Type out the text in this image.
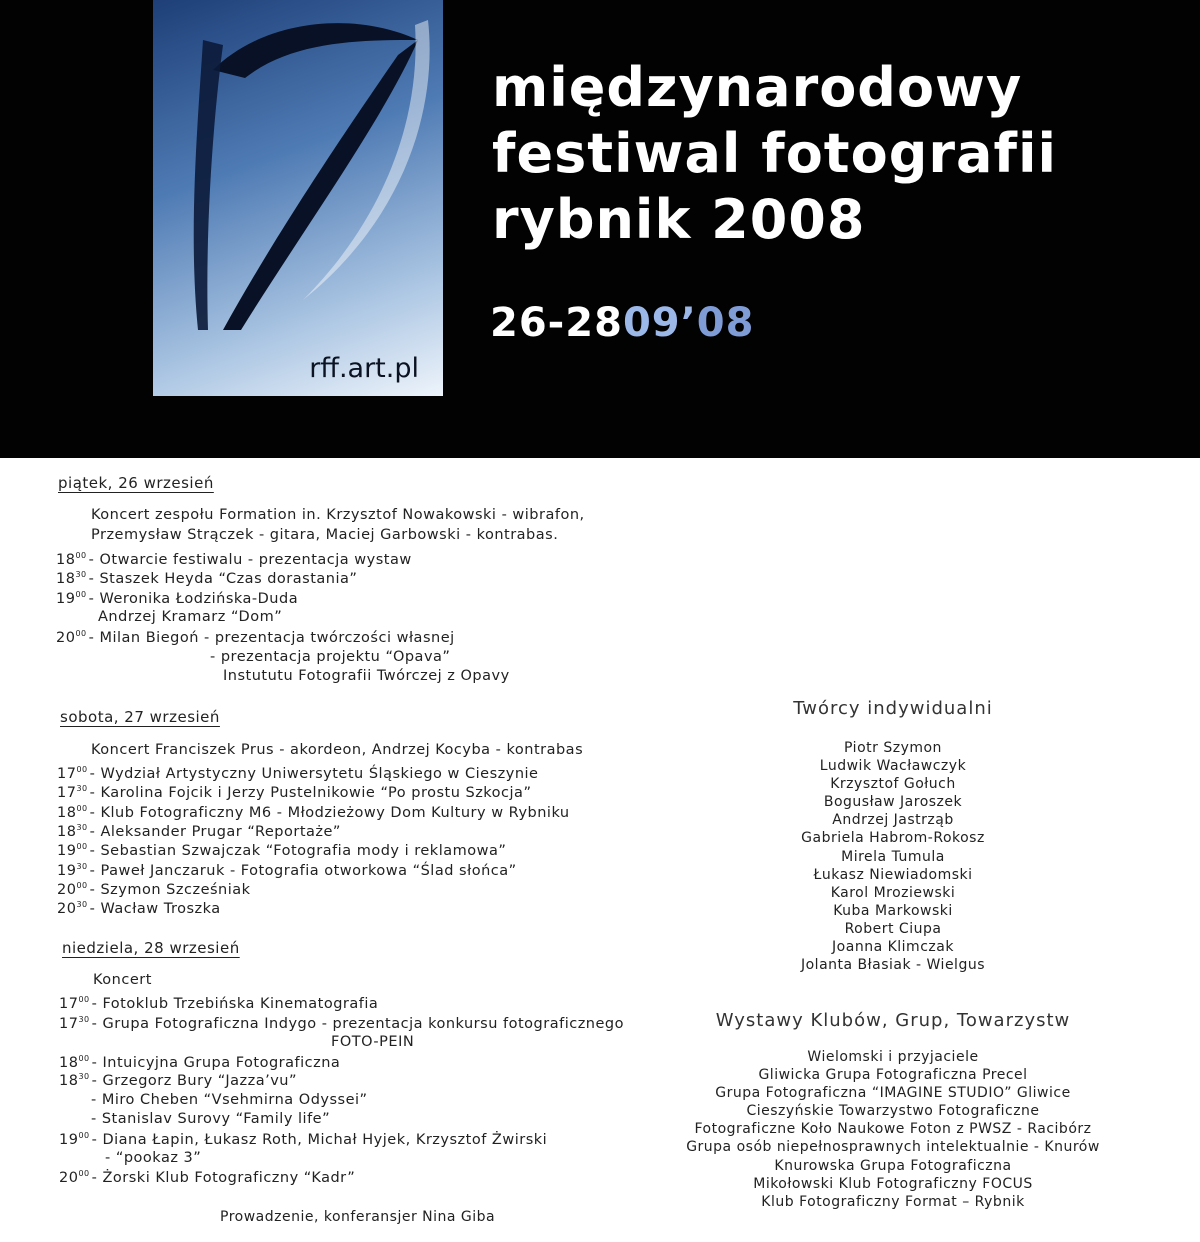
rff.art.pl
międzynarodowy
festiwal fotografii
rybnik 2008
26-2809’08
piątek, 26 wrzesień
Koncert zespołu Formation in. Krzysztof Nowakowski - wibrafon,
Przemysław Strączek - gitara, Maciej Garbowski - kontrabas.
$18^{00}$ - Otwarcie festiwalu - prezentacja wystaw
$18^{30}$ - Staszek Heyda “Czas dorastania”
$19^{00}$ - Weronika Łodzińska-Duda
Andrzej Kramarz “Dom”
$20^{00}$ - Milan Biegoń - prezentacja twórczości własnej
- prezentacja projektu “Opava”
Instututu Fotografii Twórczej z Opavy
sobota, 27 wrzesień
Koncert Franciszek Prus - akordeon, Andrzej Kocyba - kontrabas
$17^{00}$ - Wydział Artystyczny Uniwersytetu Śląskiego w Cieszynie
$17^{30}$ - Karolina Fojcik i Jerzy Pustelnikowie “Po prostu Szkocja”
$18^{00}$ - Klub Fotograficzny M6 - Młodzieżowy Dom Kultury w Rybniku
$18^{30}$ - Aleksander Prugar “Reportaże”
$19^{00}$ - Sebastian Szwajczak “Fotografia mody i reklamowa”
$19^{30}$ - Paweł Janczaruk - Fotografia otworkowa “Ślad słońca”
$20^{00}$ - Szymon Szcześniak
$20^{30}$ - Wacław Troszka
niedziela, 28 wrzesień
Koncert
$17^{00}$ - Fotoklub Trzebińska Kinematografia
$17^{30}$ - Grupa Fotograficzna Indygo - prezentacja konkursu fotograficznego
FOTO-PEIN
$18^{00}$ - Intuicyjna Grupa Fotograficzna
$18^{30}$ - Grzegorz Bury “Jazza’vu”
- Miro Cheben “Vsehmirna Odyssei”
- Stanislav Surovy “Family life”
$19^{00}$ - Diana Łapin, Łukasz Roth, Michał Hyjek, Krzysztof Żwirski
- “pookaz 3”
$20^{00}$ - Żorski Klub Fotograficzny “Kadr”
Prowadzenie, konferansjer Nina Giba
Twórcy indywidualni
Piotr Szymon
Ludwik Wacławczyk
Krzysztof Gołuch
Bogusław Jaroszek
Andrzej Jastrząb
Gabriela Habrom-Rokosz
Mirela Tumula
Łukasz Niewiadomski
Karol Mroziewski
Kuba Markowski
Robert Ciupa
Joanna Klimczak
Jolanta Błasiak - Wielgus
Wystawy Klubów, Grup, Towarzystw
Wielomski i przyjaciele
Gliwicka Grupa Fotograficzna Precel
Grupa Fotograficzna “IMAGINE STUDIO” Gliwice
Cieszyńskie Towarzystwo Fotograficzne
Fotograficzne Koło Naukowe Foton z PWSZ - Racibórz
Grupa osób niepełnosprawnych intelektualnie - Knurów
Knurowska Grupa Fotograficzna
Mikołowski Klub Fotograficzny FOCUS
Klub Fotograficzny Format – Rybnik
